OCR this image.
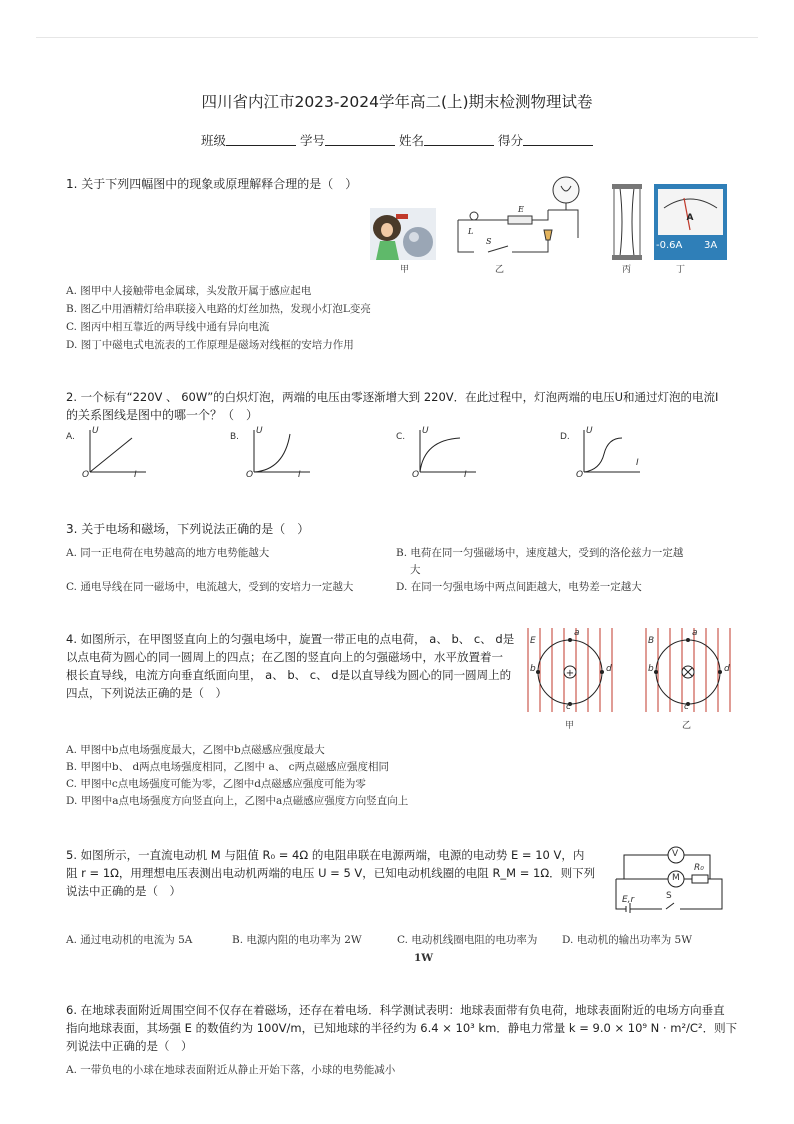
四川省内江市2023-2024学年高二(上)期末检测物理试卷
班级	学号	姓名	得分
1. 关于下列四幅图中的现象或原理解释合理的是（　）
甲
E
L
S
乙	丙
A
-0.6A 3A
丁
A. 图甲中人接触带电金属球，头发散开属于感应起电
B. 图乙中用酒精灯给串联接入电路的灯丝加热，发现小灯泡L变亮
C. 图丙中相互靠近的两导线中通有异向电流
D. 图丁中磁电式电流表的工作原理是磁场对线框的安培力作用
2. 一个标有“220V 、 60W”的白炽灯泡，两端的电压由零逐渐增大到 220V．在此过程中，灯泡两端的电压U和通过灯泡的电流I
的关系图线是图中的哪一个？（　）
A.
U
I
O
B.
U
I
O
C.
U
I
O
D.
U
I
O
3. 关于电场和磁场，下列说法正确的是（　）
A. 同一正电荷在电势越高的地方电势能越大	B. 电荷在同一匀强磁场中，速度越大，受到的洛伦兹力一定越
大
C. 通电导线在同一磁场中，电流越大，受到的安培力一定越大	D. 在同一匀强电场中两点间距越大，电势差一定越大
4. 如图所示，在甲图竖直向上的匀强电场中，旋置一带正电的点电荷， a、 b、 c、 d是
以点电荷为圆心的同一圆周上的四点；在乙图的竖直向上的匀强磁场中，水平放置着一
根长直导线，电流方向垂直纸面向里， a、 b、 c、 d是以直导线为圆心的同一圆周上的
四点，下列说法正确的是（　）
+
E
a
b
c
d
甲
B
a
b
c
d
乙
A. 甲图中b点电场强度最大，乙图中b点磁感应强度最大
B. 甲图中b、 d两点电场强度相同，乙图中 a、 c两点磁感应强度相同
C. 甲图中c点电场强度可能为零，乙图中d点磁感应强度可能为零
D. 甲图中a点电场强度方向竖直向上，乙图中a点磁感应强度方向竖直向上
5. 如图所示，一直流电动机 M 与阻值 R₀ = 4Ω 的电阻串联在电源两端，电源的电动势 E = 10 V，内
阻 r = 1Ω，用理想电压表测出电动机两端的电压 U = 5 V，已知电动机线圈的电阻 R_M = 1Ω．则下列
说法中正确的是（　）
V
M
R₀
E,r	S
A. 通过电动机的电流为 5A	B. 电源内阻的电功率为 2W	C. 电动机线圈电阻的电功率为
1W
D. 电动机的输出功率为 5W
6. 在地球表面附近周围空间不仅存在着磁场，还存在着电场．科学测试表明：地球表面带有负电荷，地球表面附近的电场方向垂直
指向地球表面，其场强 E 的数值约为 100V/m，已知地球的半径约为 6.4 × 10³ km．静电力常量 k = 9.0 × 10⁹ N · m²/C²．则下
列说法中正确的是（　）
A. 一带负电的小球在地球表面附近从静止开始下落，小球的电势能减小
